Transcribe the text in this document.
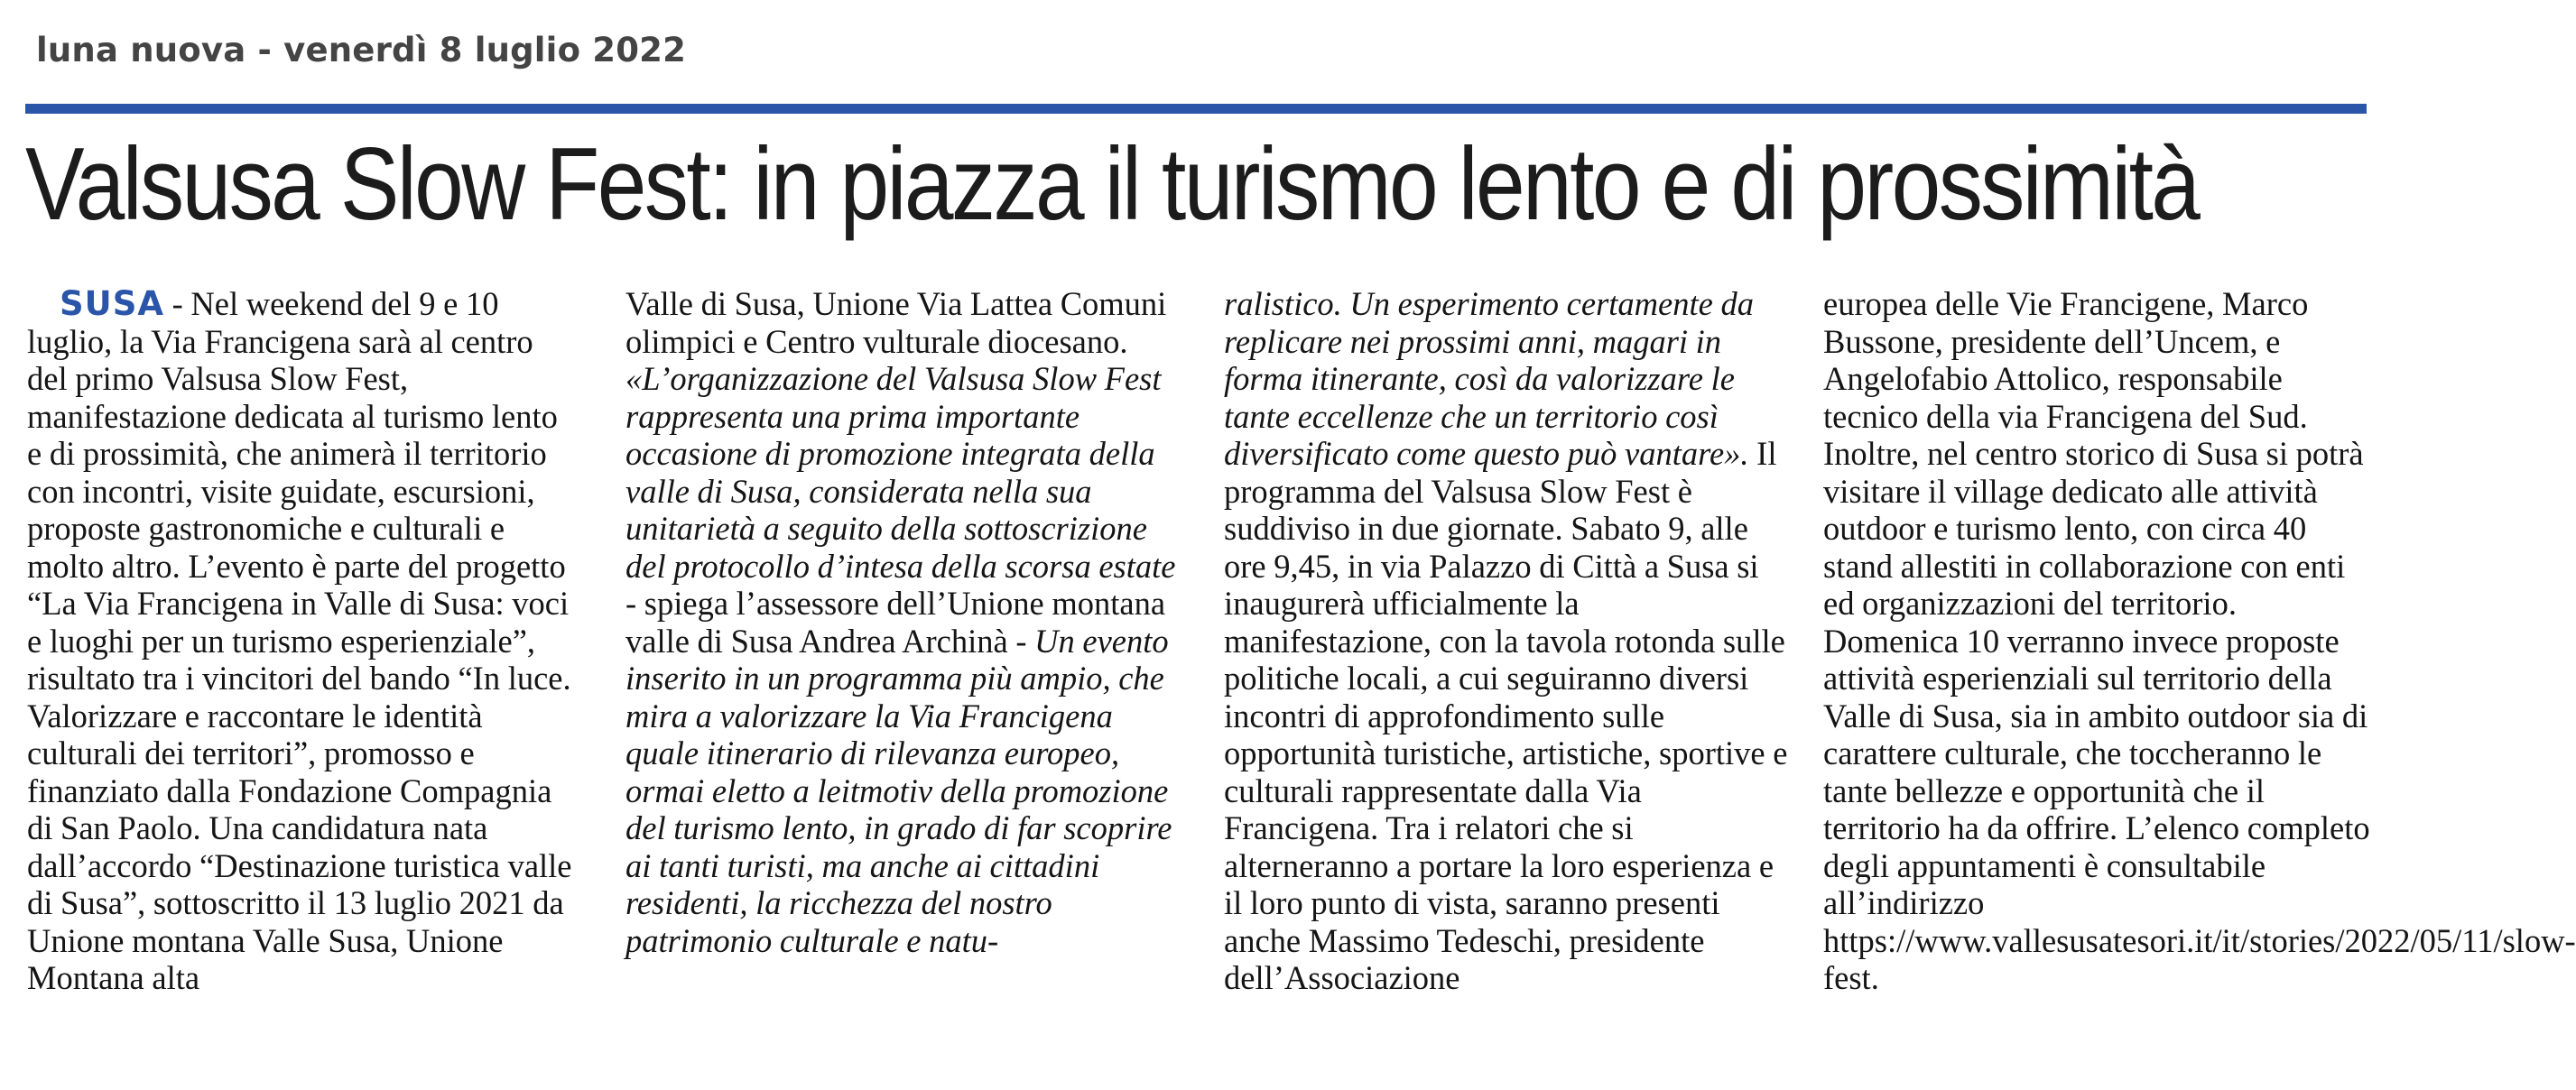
luna nuova - venerdì 8 luglio 2022
Valsusa Slow Fest: in piazza il turismo lento e di prossimità
SUSA - Nel weekend del 9 e 10 luglio, la Via Francigena sarà al centro del primo Valsusa Slow Fest, manifestazione dedicata al turismo lento e di prossimità, che animerà il territorio con incontri, visite guidate, escursioni, proposte gastronomiche e culturali e molto altro. L’evento è parte del progetto “La Via Francigena in Valle di Susa: voci e luoghi per un turismo esperienziale”, risultato tra i vincitori del bando “In luce. Valorizzare e raccontare le identità culturali dei territori”, promosso e finanziato dalla Fondazione Compagnia di San Paolo. Una candidatura nata dall’accordo “Destinazione turistica valle di Susa”, sottoscritto il 13 luglio 2021 da Unione montana Valle Susa, Unione Montana alta
Valle di Susa, Unione Via Lattea Comuni olimpici e Centro vulturale diocesano. «L’organizzazione del Valsusa Slow Fest rappresenta una prima importante occasione di promozione integrata della valle di Susa, considerata nella sua unitarietà a seguito della sottoscrizione del protocollo d’intesa della scorsa estate - spiega l’assessore dell’Unione montana valle di Susa Andrea Archinà - Un evento inserito in un programma più ampio, che mira a valorizzare la Via Francigena quale itinerario di rilevanza europeo, ormai eletto a leitmotiv della promozione del turismo lento, in grado di far scoprire ai tanti turisti, ma anche ai cittadini residenti, la ricchezza del nostro patrimonio culturale e natu-
ralistico. Un esperimento certamente da replicare nei prossimi anni, magari in forma itinerante, così da valorizzare le tante eccellenze che un territorio così diversificato come questo può vantare». Il programma del Valsusa Slow Fest è suddiviso in due giornate. Sabato 9, alle ore 9,45, in via Palazzo di Città a Susa si inaugurerà ufficialmente la manifestazione, con la tavola rotonda sulle politiche locali, a cui seguiranno diversi incontri di approfondimento sulle opportunità turistiche, artistiche, sportive e culturali rappresentate dalla Via Francigena. Tra i relatori che si alterneranno a portare la loro esperienza e il loro punto di vista, saranno presenti anche Massimo Tedeschi, presidente dell’Associazione
europea delle Vie Francigene, Marco Bussone, presidente dell’Uncem, e Angelofabio Attolico, responsabile tecnico della via Francigena del Sud. Inoltre, nel centro storico di Susa si potrà visitare il village dedicato alle attività outdoor e turismo lento, con circa 40 stand allestiti in collaborazione con enti ed organizzazioni del territorio. Domenica 10 verranno invece proposte attività esperienziali sul territorio della Valle di Susa, sia in ambito outdoor sia di carattere culturale, che toccheranno le tante bellezze e opportunità che il territorio ha da offrire. L’elenco completo degli appuntamenti è consultabile all’indirizzo https://www.vallesusatesori.it/it/stories/2022/05/11/slow-fest.
